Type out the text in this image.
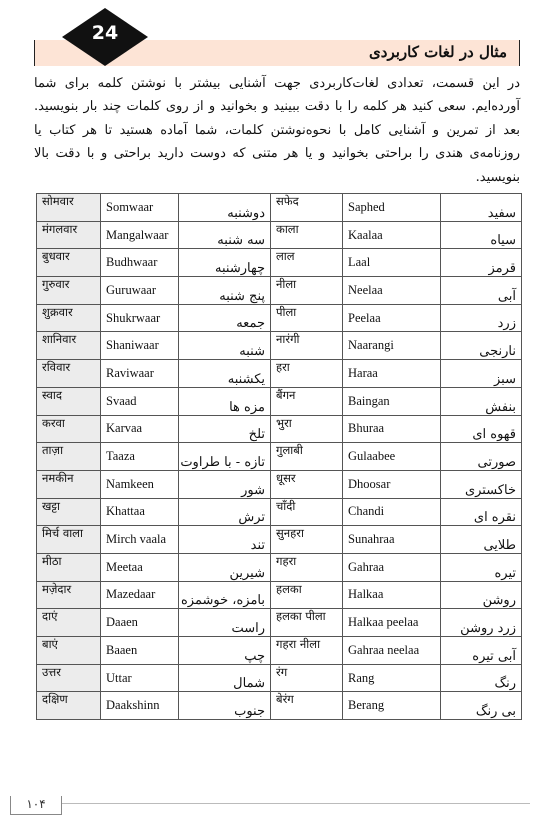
مثال در لغات کاربردی
24
در این قسمت، تعدادی لغات‌کاربردی جهت آشنایی بیشتر با نوشتن کلمه برای شما آورده‌ایم. سعی کنید هر کلمه را با دقت ببینید و بخوانید و از روی کلمات چند بار بنویسید. بعد از تمرین و آشنایی کامل با نحوه‌نوشتن کلمات، شما آماده هستید تا هر کتاب یا روزنامه‌ی هندی را براحتی بخوانید و یا هر متنی که دوست دارید براحتی و با دقت بالا بنویسید.
सोमवार	Somwaar	دوشنبه	सफेद	Saphed	سفید
मंगलवार	Mangalwaar	سه شنبه	काला	Kaalaa	سیاه
बुधवार	Budhwaar	چهارشنبه	लाल	Laal	قرمز
गुरुवार	Guruwaar	پنج شنبه	नीला	Neelaa	آبی
शुक्रवार	Shukrwaar	جمعه	पीला	Peelaa	زرد
शानिवार	Shaniwaar	شنبه	नारंगी	Naarangi	نارنجی
रविवार	Raviwaar	یکشنبه	हरा	Haraa	سبز
स्वाद	Svaad	مزه ها	बैंगन	Baingan	بنفش
करवा	Karvaa	تلخ	भुरा	Bhuraa	قهوه ای
ताज़ा	Taaza	تازه - با طراوت	गुलाबी	Gulaabee	صورتی
नमकीन	Namkeen	شور	धूसर	Dhoosar	خاکستری
खट्टा	Khattaa	ترش	चाँदी	Chandi	نقره ای
मिर्च वाला	Mirch vaala	تند	सुनहरा	Sunahraa	طلایی
मीठा	Meetaa	شیرین	गहरा	Gahraa	تیره
मज़ेदार	Mazedaar	بامزه، خوشمزه	हलका	Halkaa	روشن
दाएं	Daaen	راست	हलका पीला	Halkaa peelaa	زرد روشن
बाएं	Baaen	چپ	गहरा नीला	Gahraa neelaa	آبی تیره
उत्तर	Uttar	شمال	रंग	Rang	رنگ
दक्षिण	Daakshinn	جنوب	बेरंग	Berang	بی رنگ
۱۰۴
